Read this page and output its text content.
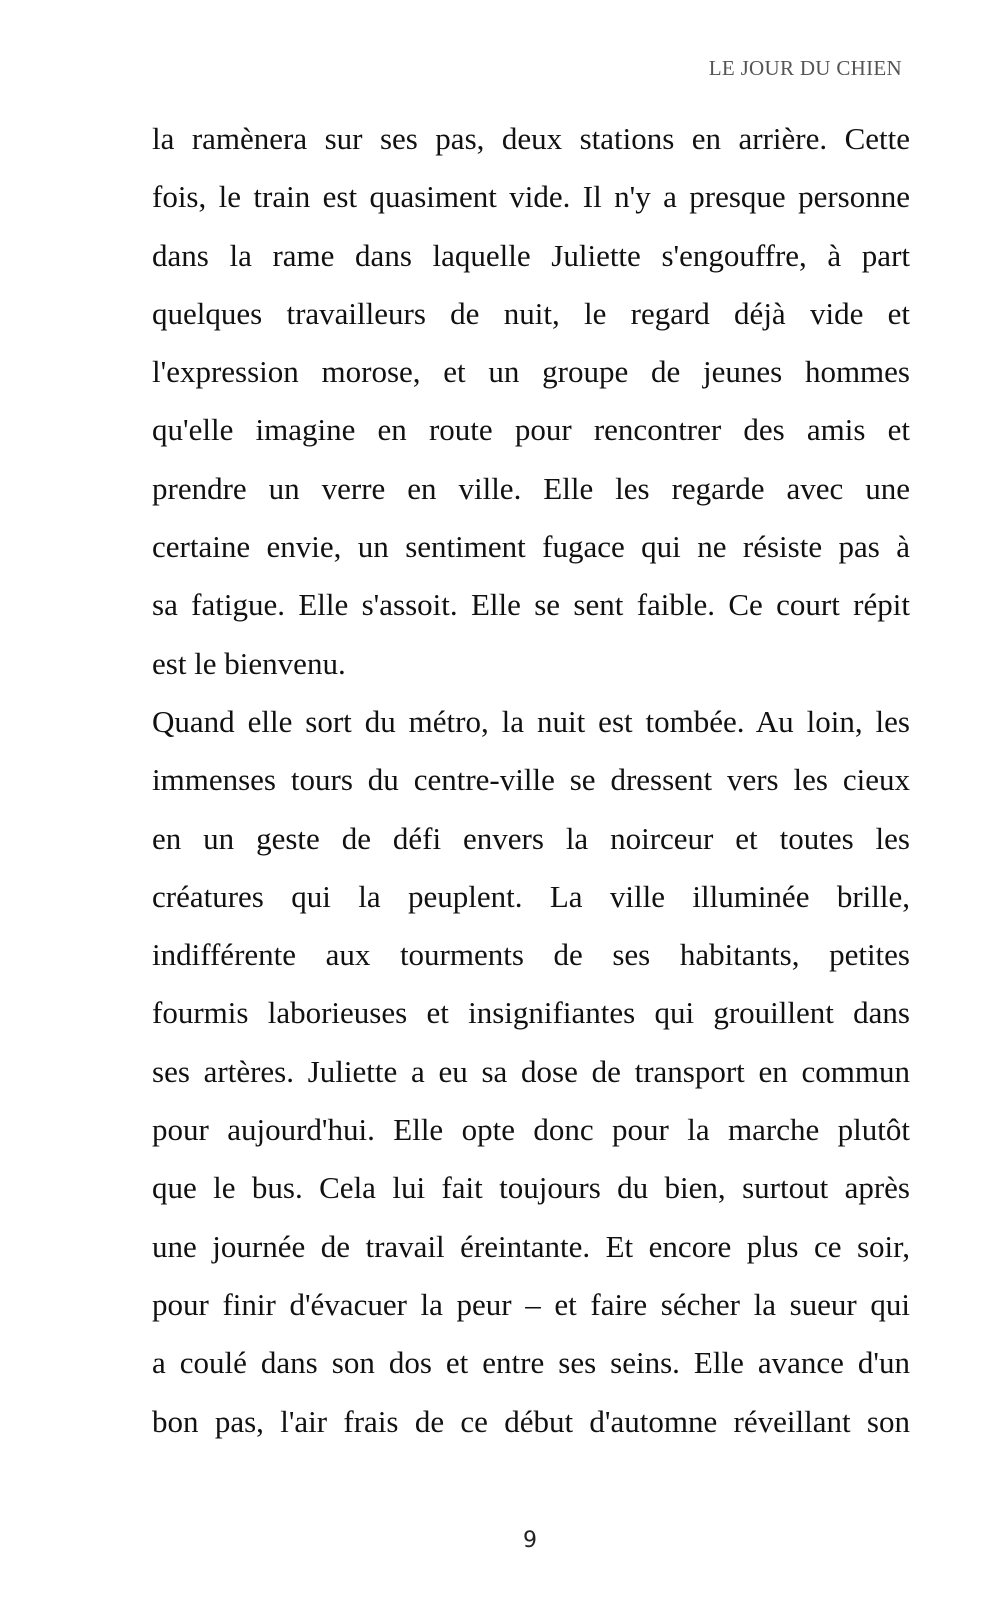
LE JOUR DU CHIEN
la ramènera sur ses pas, deux stations en arrière. Cette
fois, le train est quasiment vide. Il n'y a presque personne
dans la rame dans laquelle Juliette s'engouffre, à part
quelques travailleurs de nuit, le regard déjà vide et
l'expression morose, et un groupe de jeunes hommes
qu'elle imagine en route pour rencontrer des amis et
prendre un verre en ville. Elle les regarde avec une
certaine envie, un sentiment fugace qui ne résiste pas à
sa fatigue. Elle s'assoit. Elle se sent faible. Ce court répit
est le bienvenu.
Quand elle sort du métro, la nuit est tombée. Au loin, les
immenses tours du centre-ville se dressent vers les cieux
en un geste de défi envers la noirceur et toutes les
créatures qui la peuplent. La ville illuminée brille,
indifférente aux tourments de ses habitants, petites
fourmis laborieuses et insignifiantes qui grouillent dans
ses artères. Juliette a eu sa dose de transport en commun
pour aujourd'hui. Elle opte donc pour la marche plutôt
que le bus. Cela lui fait toujours du bien, surtout après
une journée de travail éreintante. Et encore plus ce soir,
pour finir d'évacuer la peur – et faire sécher la sueur qui
a coulé dans son dos et entre ses seins. Elle avance d'un
bon pas, l'air frais de ce début d'automne réveillant son
9
